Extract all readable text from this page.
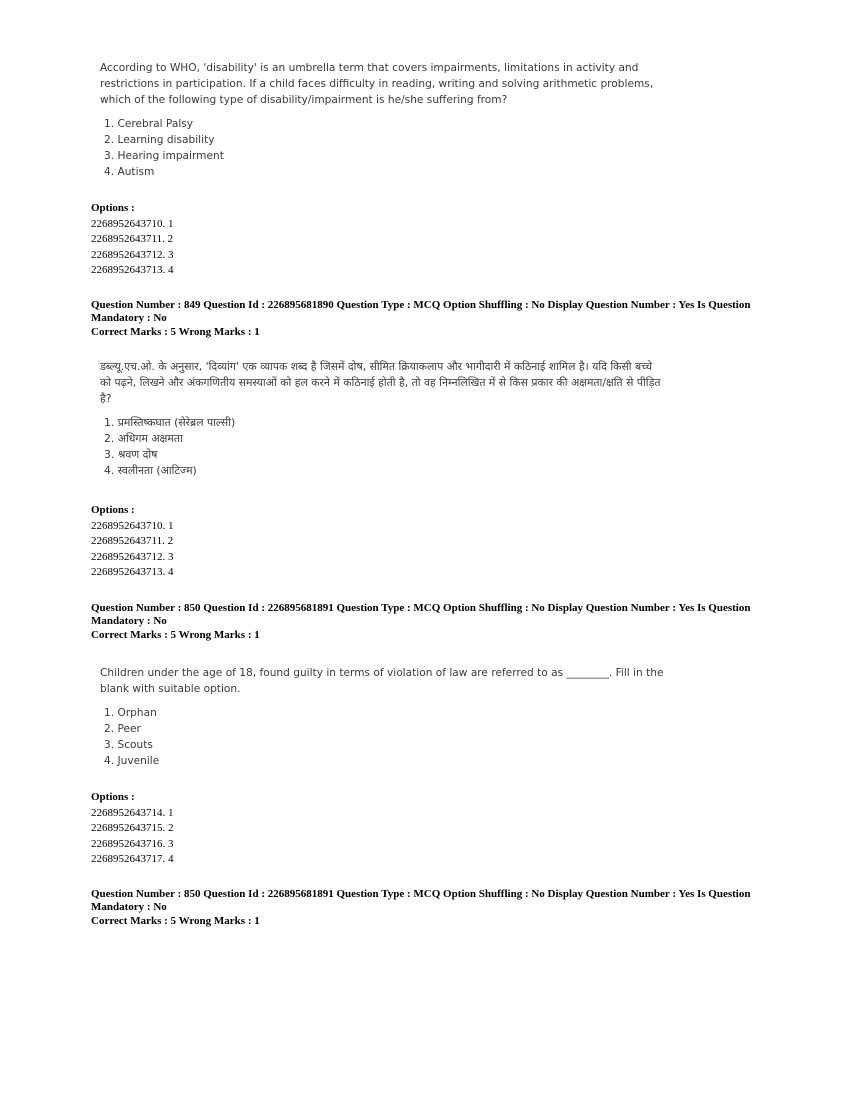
According to WHO, 'disability' is an umbrella term that covers impairments, limitations in activity and restrictions in participation. If a child faces difficulty in reading, writing and solving arithmetic problems, which of the following type of disability/impairment is he/she suffering from?

1. Cerebral Palsy
2. Learning disability
3. Hearing impairment
4. Autism
Options :
2268952643710. 1
2268952643711. 2
2268952643712. 3
2268952643713. 4
Question Number : 849 Question Id : 226895681890 Question Type : MCQ Option Shuffling : No Display Question Number : Yes Is Question Mandatory : No
Correct Marks : 5 Wrong Marks : 1

डब्ल्यू.एच.ओ. के अनुसार, 'दिव्यांग' एक व्यापक शब्द है जिसमें दोष, सीमित क्रियाकलाप और भागीदारी में कठिनाई शामिल है। यदि किसी बच्चे को पढ़ने, लिखने और अंकगणितीय समस्याओं को हल करने में कठिनाई होती है, तो वह निम्नलिखित में से किस प्रकार की अक्षमता/क्षति से पीड़ित है?

1. प्रमस्तिष्कघात (सेरेब्रल पाल्सी)
2. अधिगम अक्षमता
3. श्रवण दोष
4. स्वलीनता (आटिज्म)
Options :
2268952643710. 1
2268952643711. 2
2268952643712. 3
2268952643713. 4
Question Number : 850 Question Id : 226895681891 Question Type : MCQ Option Shuffling : No Display Question Number : Yes Is Question Mandatory : No
Correct Marks : 5 Wrong Marks : 1

Children under the age of 18, found guilty in terms of violation of law are referred to as ________. Fill in the blank with suitable option.

1. Orphan
2. Peer
3. Scouts
4. Juvenile
Options :
2268952643714. 1
2268952643715. 2
2268952643716. 3
2268952643717. 4
Question Number : 850 Question Id : 226895681891 Question Type : MCQ Option Shuffling : No Display Question Number : Yes Is Question Mandatory : No
Correct Marks : 5 Wrong Marks : 1
